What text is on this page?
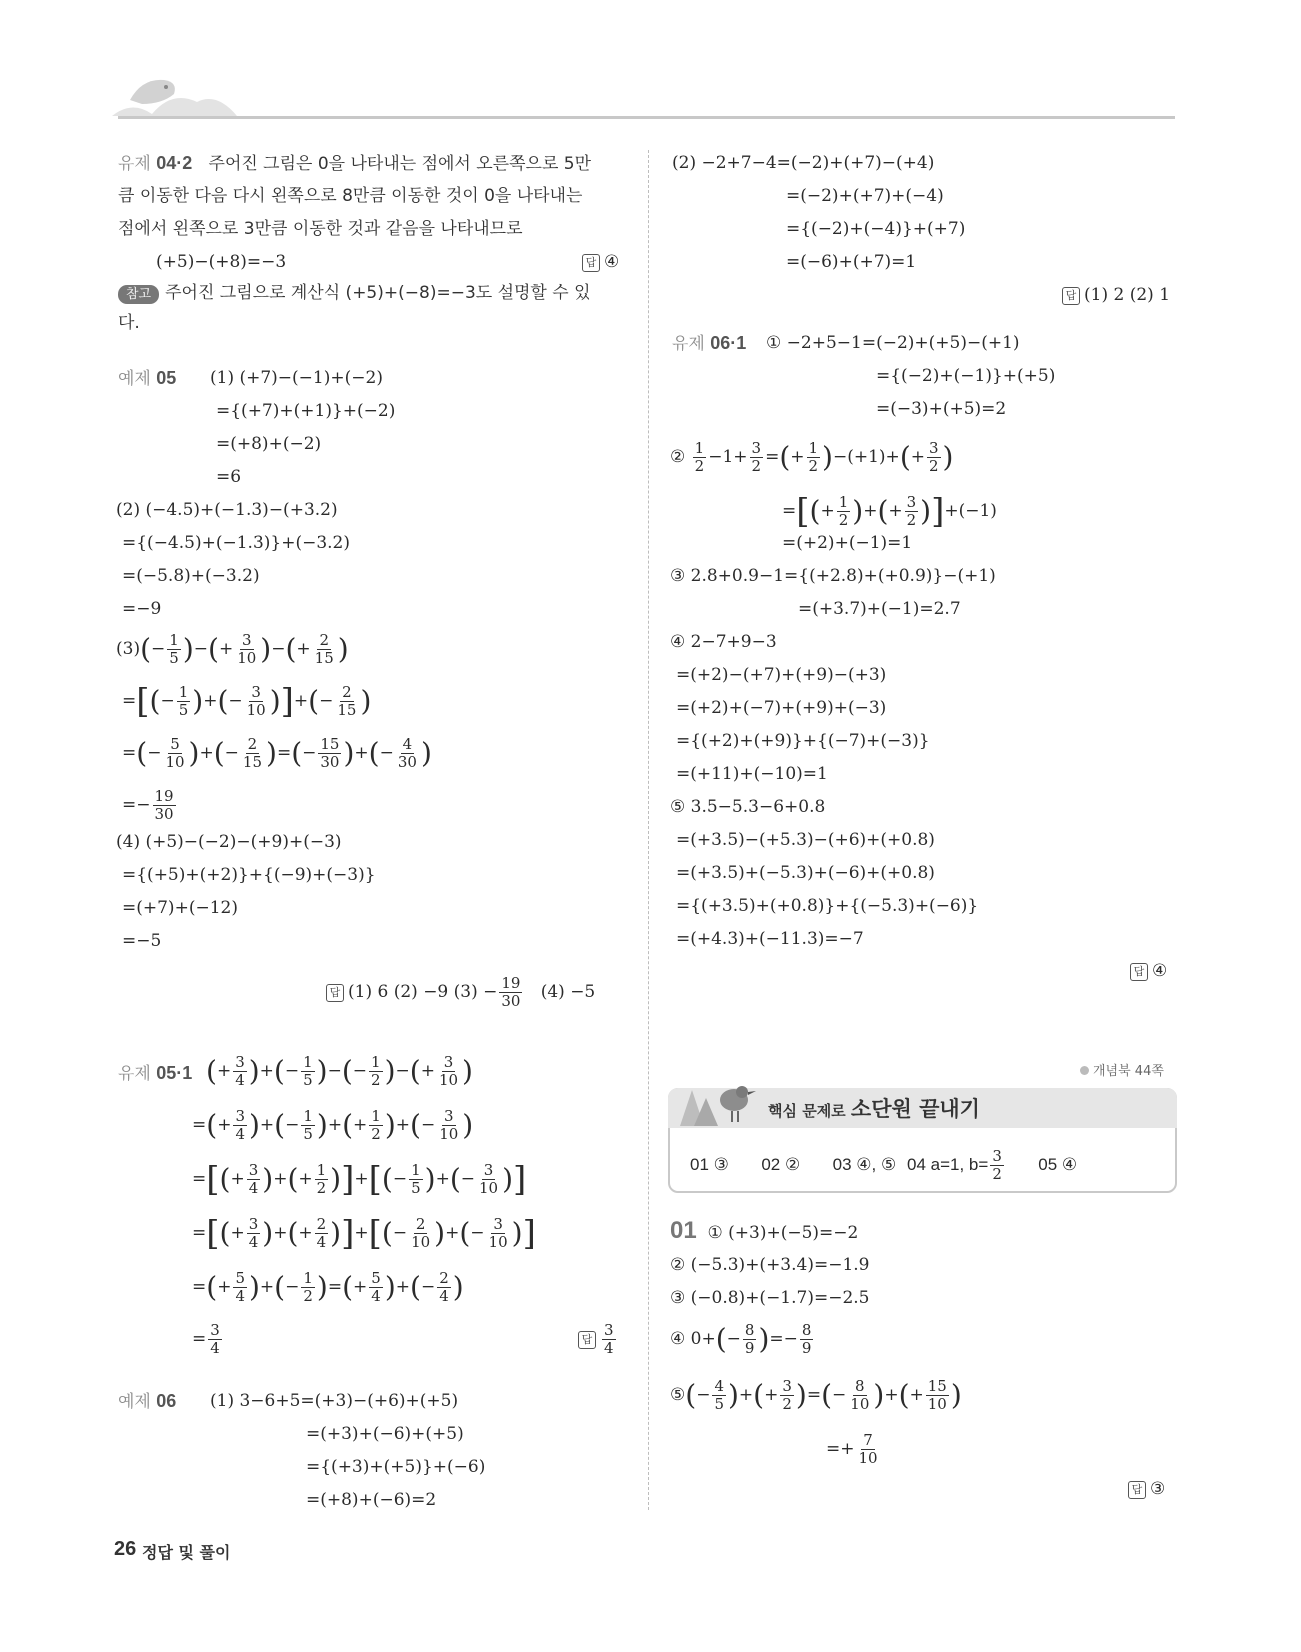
유제 04·2 주어진 그림은 0을 나타내는 점에서 오른쪽으로 5만
큼 이동한 다음 다시 왼쪽으로 8만큼 이동한 것이 0을 나타내는
점에서 왼쪽으로 3만큼 이동한 것과 같음을 나타내므로
(+5)−(+8)=−3	답 ④
참고 주어진 그림으로 계산식 (+5)+(−8)=−3도 설명할 수 있
다.
예제 05 (1) (+7)−(−1)+(−2)
={(+7)+(+1)}+(−2)
=(+8)+(−2)
=6
(2) (−4.5)+(−1.3)−(+3.2)
={(−4.5)+(−1.3)}+(−3.2)
=(−5.8)+(−3.2)
=−9
$(3)(- \frac{1}{5}$ )−(+ $\frac{3}{10}$ )−(+ $\frac{2}{15}$ )
=[(− $\frac{1}{5}$ )+(− $\frac{3}{10}$ )]+(− $\frac{2}{15}$ )
=(− $\frac{5}{10}$ )+(− $\frac{2}{15}$ )=(− $\frac{15}{30}$ )+(− $\frac{4}{30}$ )
=− $\frac{19}{30}$
(4) (+5)−(−2)−(+9)+(−3)
={(+5)+(+2)}+{(−9)+(−3)}
=(+7)+(−12)
=−5
답 (1) 6 (2) −9 $(3) - \frac{19}{30} (4) -5$
유제 05·1 (+ $\frac{3}{4}$ )+(− $\frac{1}{5}$ )−(− $\frac{1}{2}$ )−(+ $\frac{3}{10}$ )
=(+ $\frac{3}{4}$ )+(− $\frac{1}{5}$ )+(+ $\frac{1}{2}$ )+(− $\frac{3}{10}$ )
=[(+ $\frac{3}{4}$ )+(+ $\frac{1}{2}$ )]+[(− $\frac{1}{5}$ )+(− $\frac{3}{10}$ )]
=[(+ $\frac{3}{4}$ )+(+ $\frac{2}{4}$ )]+[(− $\frac{2}{10}$ )+(− $\frac{3}{10}$ )]
=(+ $\frac{5}{4}$ )+(− $\frac{1}{2}$ )=(+ $\frac{5}{4}$ )+(− $\frac{2}{4}$ )
= $\frac{3}{4}$	답 $\frac{3}{4}$
예제 06 (1) 3−6+5=(+3)−(+6)+(+5)
=(+3)+(−6)+(+5)
={(+3)+(+5)}+(−6)
=(+8)+(−6)=2
(2) −2+7−4=(−2)+(+7)−(+4)
=(−2)+(+7)+(−4)
={(−2)+(−4)}+(+7)
=(−6)+(+7)=1
답 (1) 2 (2) 1
유제 06·1 ① −2+5−1=(−2)+(+5)−(+1)
={(−2)+(−1)}+(+5)
=(−3)+(+5)=2
② $\frac{1}{2} -1+ \frac{3}{2}$ =(+ $\frac{1}{2} )-(+1)+(+ \frac{3}{2}$ )
=[(+ $\frac{1}{2}$ )+(+ $\frac{3}{2} )]+(-1)$
=(+2)+(−1)=1
③ 2.8+0.9−1={(+2.8)+(+0.9)}−(+1)
=(+3.7)+(−1)=2.7
④ 2−7+9−3
=(+2)−(+7)+(+9)−(+3)
=(+2)+(−7)+(+9)+(−3)
={(+2)+(+9)}+{(−7)+(−3)}
=(+11)+(−10)=1
⑤ 3.5−5.3−6+0.8
=(+3.5)−(+5.3)−(+6)+(+0.8)
=(+3.5)+(−5.3)+(−6)+(+0.8)
={(+3.5)+(+0.8)}+{(−5.3)+(−6)}
=(+4.3)+(−11.3)=−7
답 ④
개념북 44쪽
핵심 문제로 소단원 끝내기
01 ③ 02 ② 03 ④, ⑤ 04 a=1, $b= \frac{3}{2} 05$ ④
01 ① (+3)+(−5)=−2
② (−5.3)+(+3.4)=−1.9
③ (−0.8)+(−1.7)=−2.5
④ $0+(- \frac{8}{9}$ )=− $\frac{8}{9}$
⑤(− $\frac{4}{5}$ )+(+ $\frac{3}{2}$ )=(− $\frac{8}{10}$ )+(+ $\frac{15}{10}$ )
=+ $\frac{7}{10}$
답 ③
26 정답 및 풀이
